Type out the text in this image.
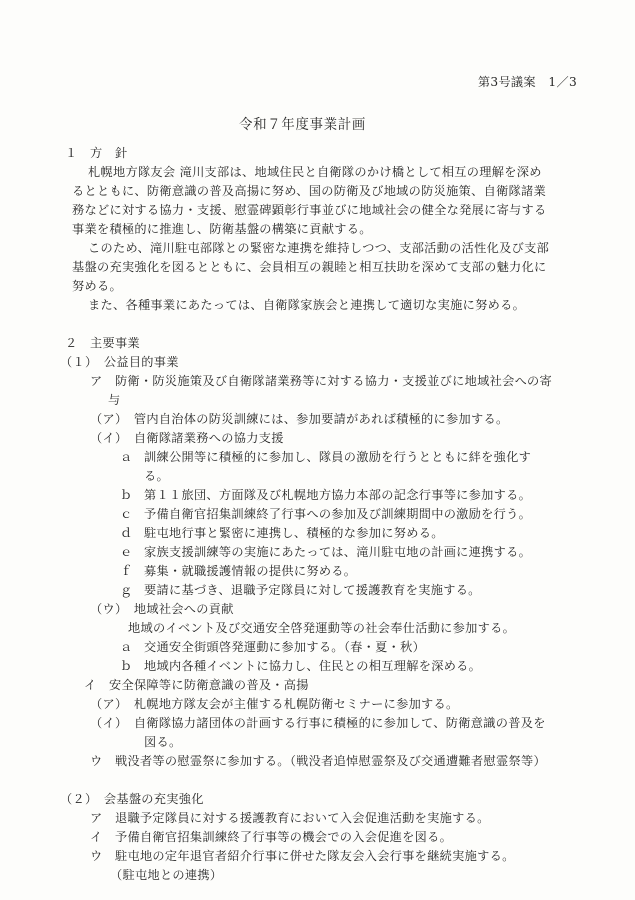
第3号議案　1／3
令和７年度事業計画
１　方　針
札幌地方隊友会 滝川支部は、地域住民と自衛隊のかけ橋として相互の理解を深め
るとともに、防衛意識の普及高揚に努め、国の防衛及び地域の防災施策、自衛隊諸業
務などに対する協力・支援、慰霊碑顕彰行事並びに地域社会の健全な発展に寄与する
事業を積極的に推進し、防衛基盤の構築に貢献する。
このため、滝川駐屯部隊との緊密な連携を維持しつつ、支部活動の活性化及び支部
基盤の充実強化を図るとともに、会員相互の親睦と相互扶助を深めて支部の魅力化に
努める。
また、各種事業にあたっては、自衛隊家族会と連携して適切な実施に努める。
２　主要事業
（１）　公益目的事業
ア　防衛・防災施策及び自衛隊諸業務等に対する協力・支援並びに地域社会への寄
与
（ア）　管内自治体の防災訓練には、参加要請があれば積極的に参加する。
（イ）　自衛隊諸業務への協力支援
ａ 訓練公開等に積極的に参加し、隊員の激励を行うとともに絆を強化す
る。
ｂ 第１１旅団、方面隊及び札幌地方協力本部の記念行事等に参加する。
ｃ 予備自衛官招集訓練終了行事への参加及び訓練期間中の激励を行う。
ｄ 駐屯地行事と緊密に連携し、積極的な参加に努める。
ｅ 家族支援訓練等の実施にあたっては、滝川駐屯地の計画に連携する。
ｆ 募集・就職援護情報の提供に努める。
ｇ 要請に基づき、退職予定隊員に対して援護教育を実施する。
（ウ）　地域社会への貢献
地域のイベント及び交通安全啓発運動等の社会奉仕活動に参加する。
ａ 交通安全街頭啓発運動に参加する。（春・夏・秋）
ｂ 地域内各種イベントに協力し、住民との相互理解を深める。
イ　安全保障等に防衛意識の普及・高揚
（ア）　札幌地方隊友会が主催する札幌防衛セミナーに参加する。
（イ）　自衛隊協力諸団体の計画する行事に積極的に参加して、防衛意識の普及を
図る。
ウ　戦没者等の慰霊祭に参加する。（戦没者追悼慰霊祭及び交通遭難者慰霊祭等）
（２）　会基盤の充実強化
ア　退職予定隊員に対する援護教育において入会促進活動を実施する。
イ　予備自衛官招集訓練終了行事等の機会での入会促進を図る。
ウ　駐屯地の定年退官者紹介行事に併せた隊友会入会行事を継続実施する。
（駐屯地との連携）
